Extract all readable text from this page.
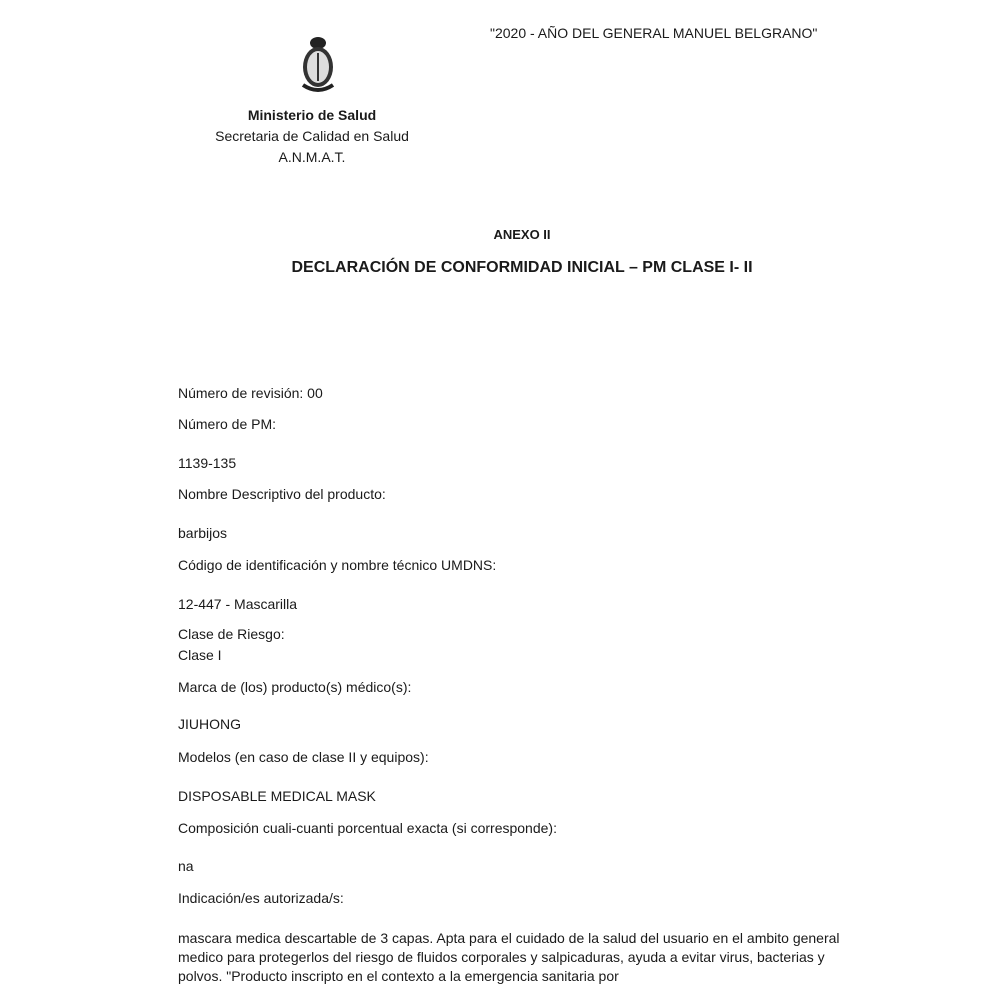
"2020 - AÑO DEL GENERAL MANUEL BELGRANO"
Ministerio de Salud
Secretaria de Calidad en Salud
A.N.M.A.T.
ANEXO II
DECLARACIÓN DE CONFORMIDAD INICIAL – PM CLASE I- II
Número de revisión: 00
Número de PM:
1139-135
Nombre Descriptivo del producto:
barbijos
Código de identificación y nombre técnico UMDNS:
12-447 - Mascarilla
Clase de Riesgo:
Clase I
Marca de (los) producto(s) médico(s):
JIUHONG
Modelos (en caso de clase II y equipos):
DISPOSABLE MEDICAL MASK
Composición cuali-cuanti porcentual exacta (si corresponde):
na
Indicación/es autorizada/s:
mascara medica descartable de 3 capas. Apta para el cuidado de la salud del usuario en el ambito general medico para protegerlos del riesgo de fluidos corporales y salpicaduras, ayuda a evitar virus, bacterias y polvos. "Producto inscripto en el contexto a la emergencia sanitaria por
